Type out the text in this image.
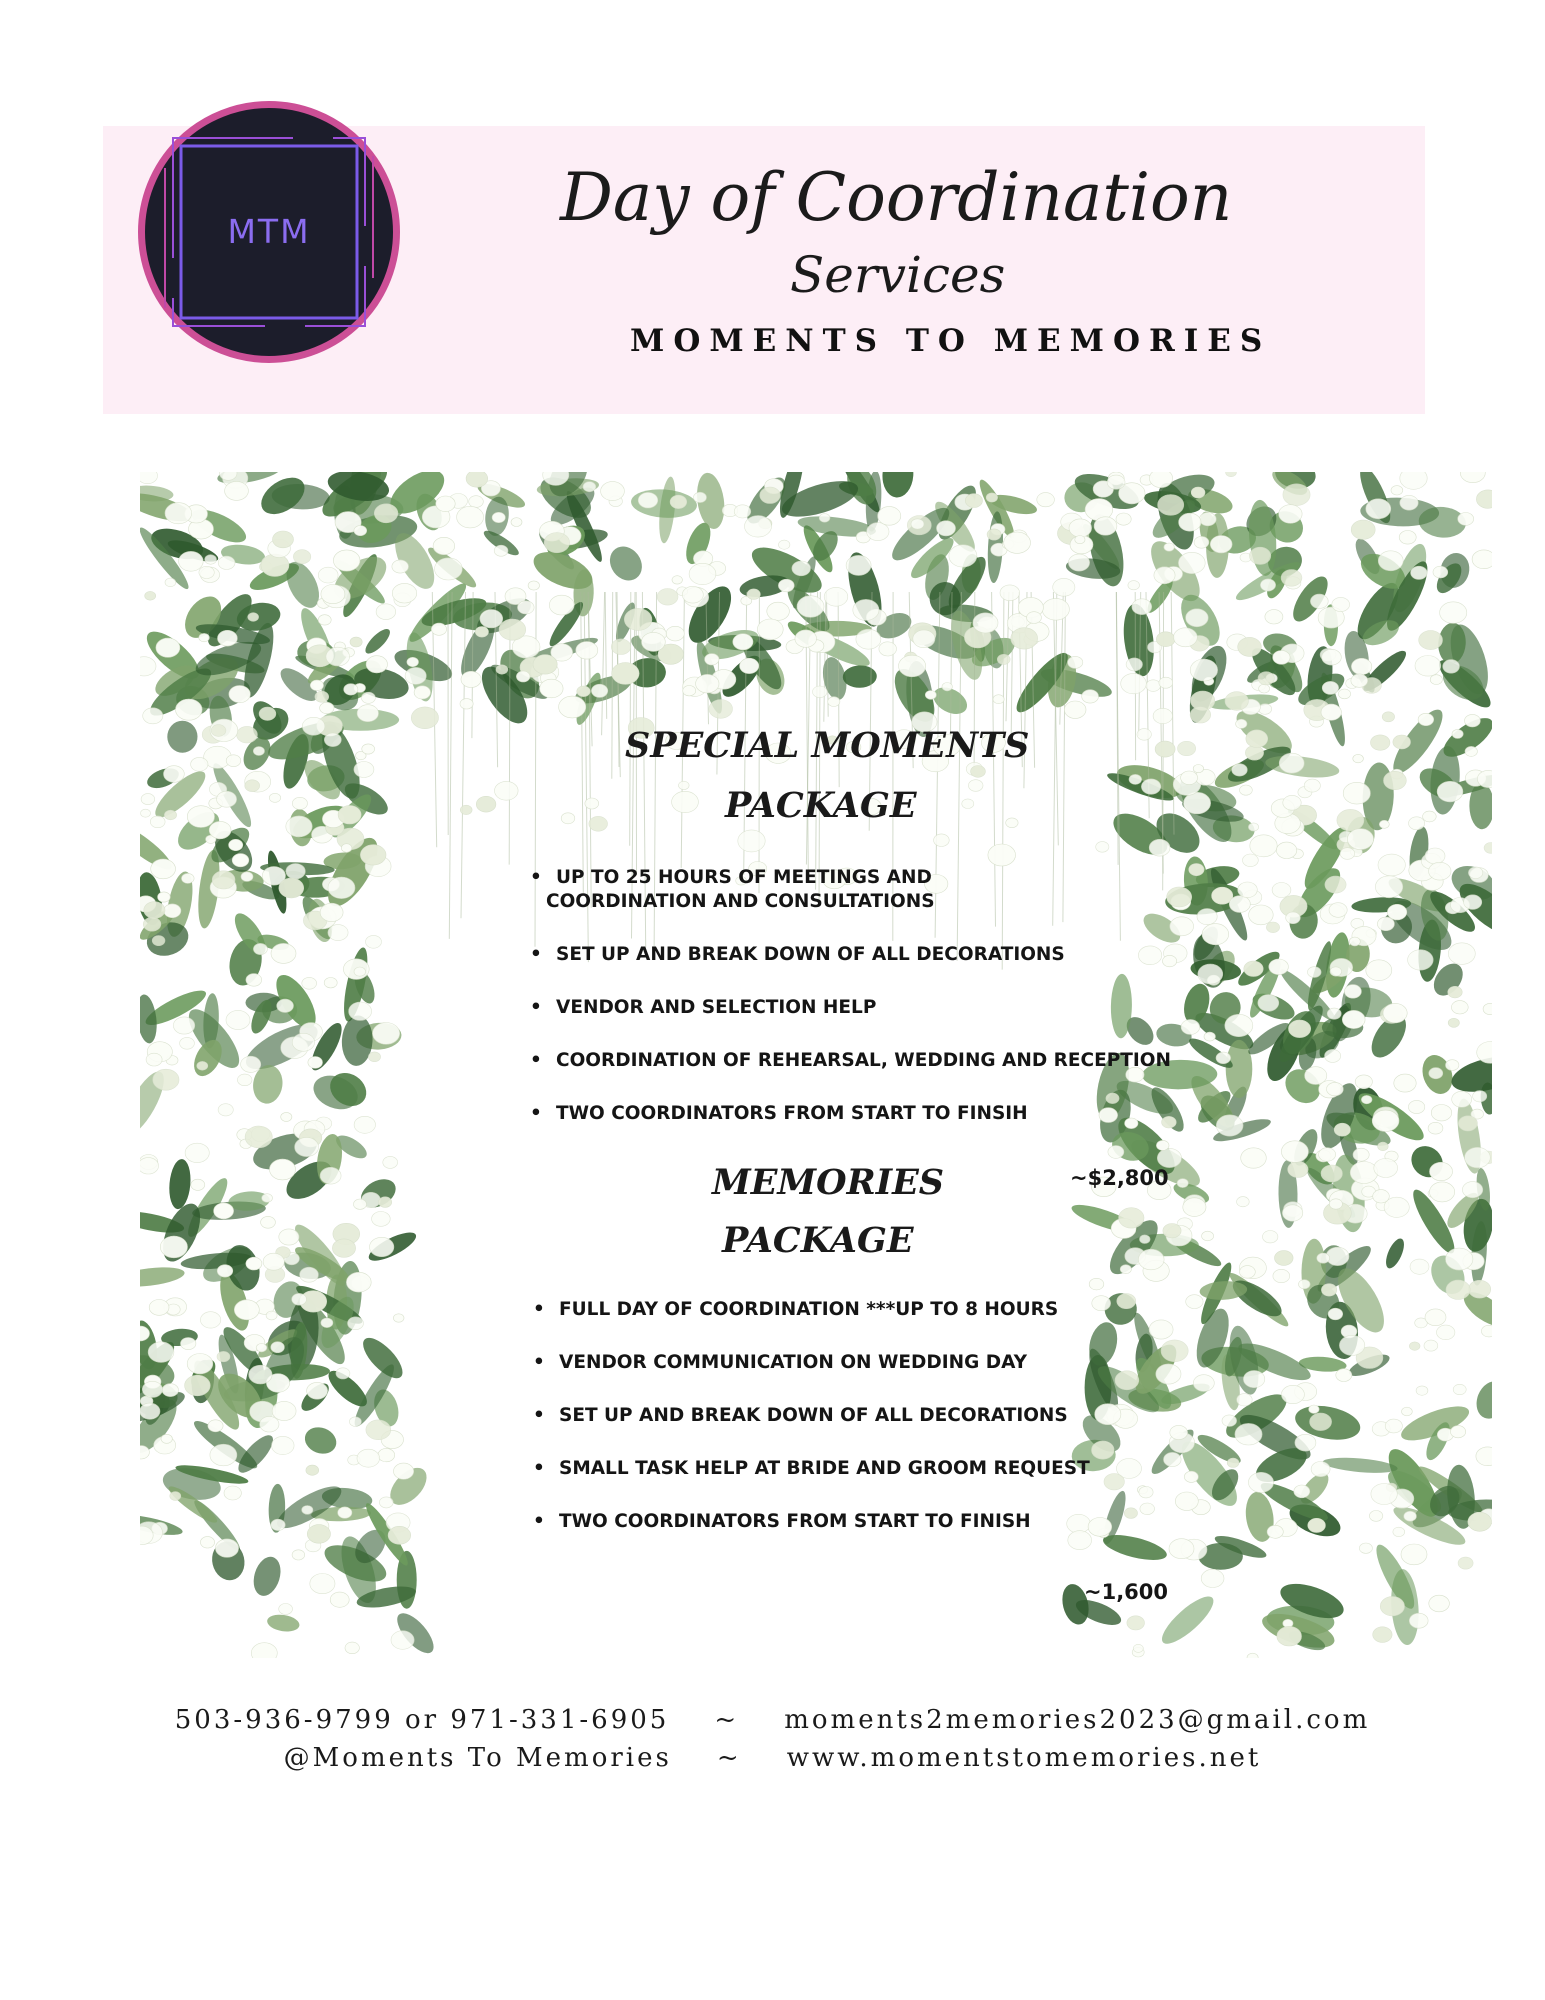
MTM	Day of Coordination
Services
MOMENTS TO MEMORIES
SPECIAL MOMENTS
PACKAGE
• UP TO 25 HOURS OF MEETINGS AND
COORDINATION AND CONSULTATIONS
• SET UP AND BREAK DOWN OF ALL DECORATIONS
• VENDOR AND SELECTION HELP
• COORDINATION OF REHEARSAL, WEDDING AND RECEPTION
• TWO COORDINATORS FROM START TO FINSIH
~$2,800
MEMORIES
PACKAGE
• FULL DAY OF COORDINATION ***UP TO 8 HOURS
• VENDOR COMMUNICATION ON WEDDING DAY
• SET UP AND BREAK DOWN OF ALL DECORATIONS
• SMALL TASK HELP AT BRIDE AND GROOM REQUEST
• TWO COORDINATORS FROM START TO FINISH
~1,600
503-936-9799 or 971-331-6905    ~    moments2memories2023@gmail.com
@Moments To Memories    ~    www.momentstomemories.net
